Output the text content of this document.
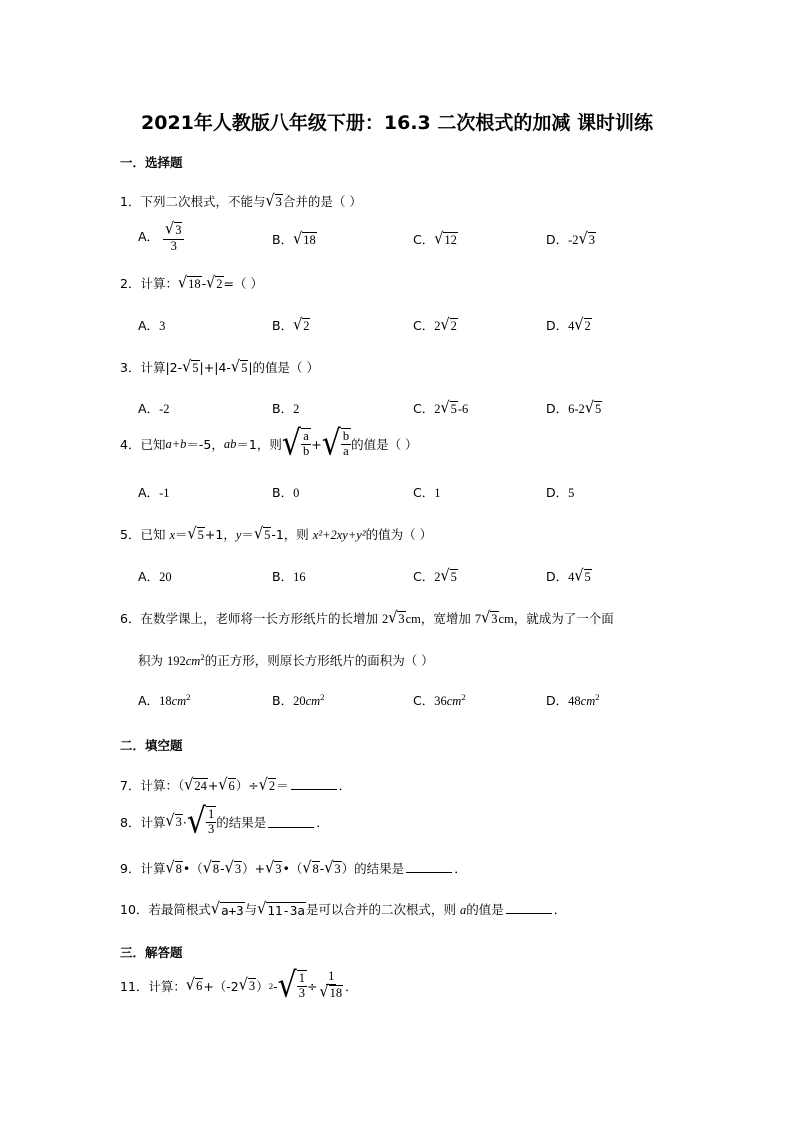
2021年人教版八年级下册：16.3 二次根式的加减 课时训练
一．选择题
1．下列二次根式，不能与 √ 3 合并的是（ ）
A． $\frac{√ 3}{3}$	B． √ 18	C． √ 12	D．-2 √ 3
2．计算： √ 18 - √ 2 =（ ）
A．3	B． √ 2	C．2 √ 2	D．4 √ 2
3．计算|2- √ 5 |+|4- √ 5 |的值是（ ）
A．-2	B．2	C．2 √ 5 -6	D．6-2 √ 5
4． 已知 a+b ＝-5， ab ＝1，则 √ $\frac{a}{b}$ + √ $\frac{b}{a}$ 的值是（ ）
A．-1	B．0	C．1	D．5
5．已知 x＝ √ 5 +1，y＝ √ 5 -1，则 x²+2xy+y²的值为（ ）
A．20	B．16	C．2 √ 5	D．4 √ 5
6．在数学课上，老师将一长方形纸片的长增加 2 √ 3 cm，宽增加 7 √ 3 cm，就成为了一个面
积为 $192cm^2$的正方形，则原长方形纸片的面积为（ ）
A．$18cm^2$	B．$20cm^2$	C．$36cm^2$	D．$48cm^2$
二．填空题
7．计算：（ √ 24 + √ 6 ）÷ √ 2 ＝	．
8． 计算 √ 3 · √ $\frac{1}{3}$ 的结果是	．
9．计算 √ 8 •（ √ 8 - √ 3 ）+ √ 3 •（ √ 8 - √ 3 ）的结果是	．
10．若最简根式 √ a+3 与 √ 11-3a 是可以合并的二次根式，则 a的值是	．
三．解答题
11． 计算： √ 6 +（-2 √ 3 ） 2 - √ $\frac{1}{3} \div \frac{1}{√ 18}$ ．
